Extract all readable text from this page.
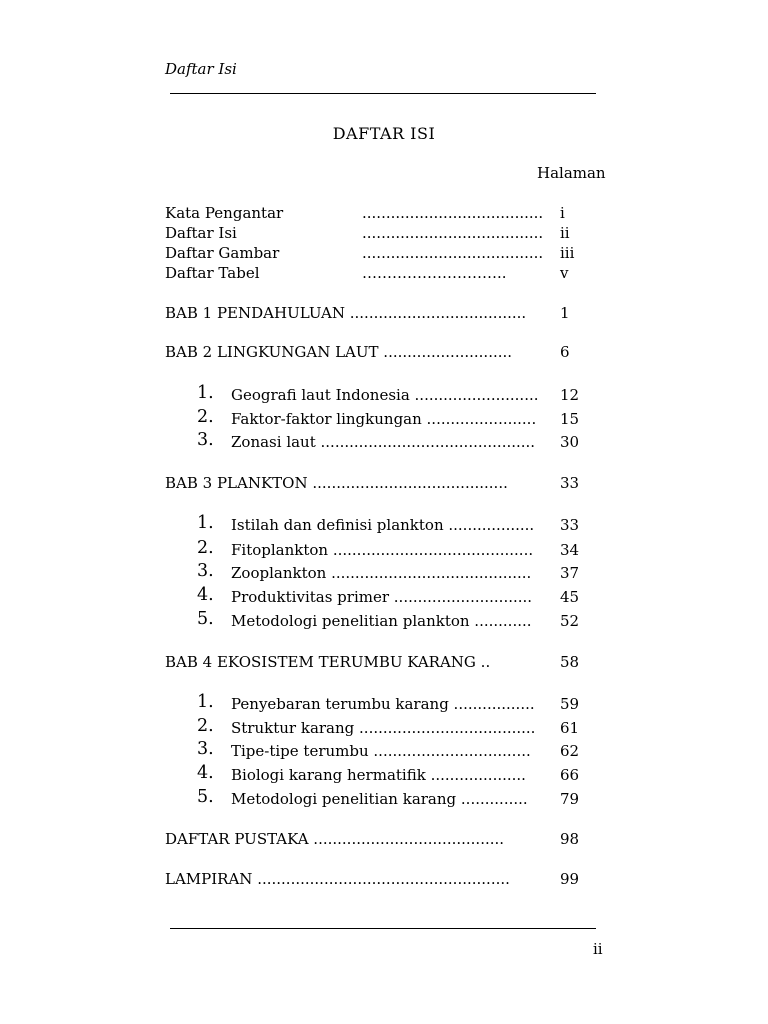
Daftar Isi
DAFTAR ISI
Halaman
Kata Pengantar	...................................... i
Daftar Isi	...................................... ii
Daftar Gambar	...................................... iii
Daftar Tabel	………………………..	v
BAB 1 PENDAHULUAN ..................................... 1
BAB 2 LINGKUNGAN LAUT ...........................	6
1. Geografi laut Indonesia .......................... 12
2. Faktor-faktor lingkungan ....................... 15
3. Zonasi laut ............................................. 30
BAB 3 PLANKTON .........................................	33
1. Istilah dan definisi plankton .................. 33
2. Fitoplankton .......................................... 34
3. Zooplankton .......................................... 37
4. Produktivitas primer ............................. 45
5. Metodologi penelitian plankton ............ 52
BAB 4 EKOSISTEM TERUMBU KARANG ..	58
1. Penyebaran terumbu karang ................. 59
2. Struktur karang ..................................... 61
3. Tipe-tipe terumbu ................................. 62
4. Biologi karang hermatifik .................... 66
5. Metodologi penelitian karang .............. 79
DAFTAR PUSTAKA ........................................	98
LAMPIRAN .....................................................	99
ii
